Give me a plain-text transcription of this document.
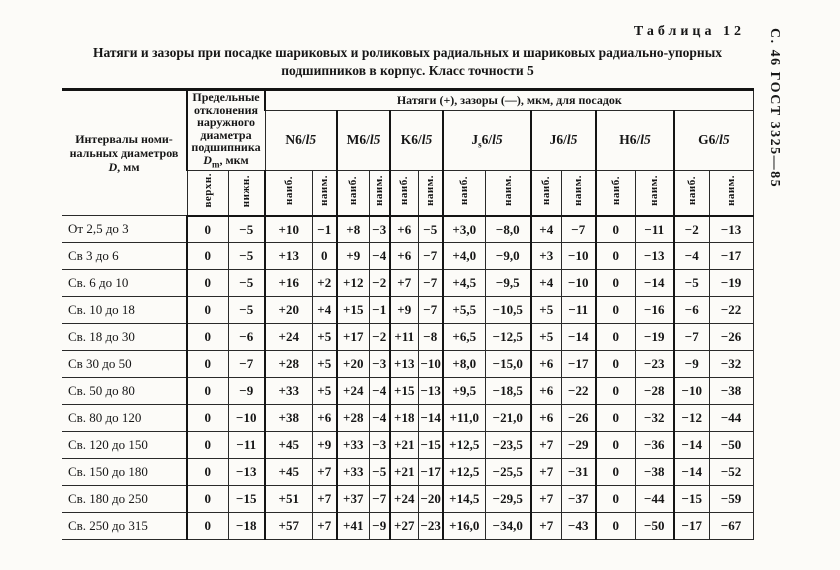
Таблица 12 С. 46 ГОСТ 3325—85
Натяги и зазоры при посадке шариковых и роликовых радиальных и шариковых радиально-упорных
подшипников в корпус. Класс точности 5
Интервалы номи-
нальных диаметров
D, мм

Предельные
отклонения
наружного
диаметра
подшипника
$D_m$, мкм
	Натяги (+), зазоры (—), мкм, для посадок
			N6/l5		M6/l5		K6/l5		$J_s6/l5$		J6/l5		H6/l5		G6/l5	
	верхн.	нижн.	наиб.	наим.	наиб.	наим.	наиб.	наим.	наиб.	наим.	наиб.	наим.	наиб.	наим.	наиб.	наим.
От 2,5 до 3	0	−5	+10	−1	+8	−3	+6	−5	+3,0	−8,0	+4	−7	0	−11	−2	−13
Св 3 до 6	0	−5	+13	0	+9	−4	+6	−7	+4,0	−9,0	+3	−10	0	−13	−4	−17
Св. 6 до 10	0	−5	+16	+2	+12	−2	+7	−7	+4,5	−9,5	+4	−10	0	−14	−5	−19
Св. 10 до 18	0	−5	+20	+4	+15	−1	+9	−7	+5,5	−10,5	+5	−11	0	−16	−6	−22
Св. 18 до 30	0	−6	+24	+5	+17	−2	+11	−8	+6,5	−12,5	+5	−14	0	−19	−7	−26
Св 30 до 50	0	−7	+28	+5	+20	−3	+13	−10	+8,0	−15,0	+6	−17	0	−23	−9	−32
Св. 50 до 80	0	−9	+33	+5	+24	−4	+15	−13	+9,5	−18,5	+6	−22	0	−28	−10	−38
Св. 80 до 120	0	−10	+38	+6	+28	−4	+18	−14	+11,0	−21,0	+6	−26	0	−32	−12	−44
Св. 120 до 150	0	−11	+45	+9	+33	−3	+21	−15	+12,5	−23,5	+7	−29	0	−36	−14	−50
Св. 150 до 180	0	−13	+45	+7	+33	−5	+21	−17	+12,5	−25,5	+7	−31	0	−38	−14	−52
Св. 180 до 250	0	−15	+51	+7	+37	−7	+24	−20	+14,5	−29,5	+7	−37	0	−44	−15	−59
Св. 250 до 315	0	−18	+57	+7	+41	−9	+27	−23	+16,0	−34,0	+7	−43	0	−50	−17	−67
